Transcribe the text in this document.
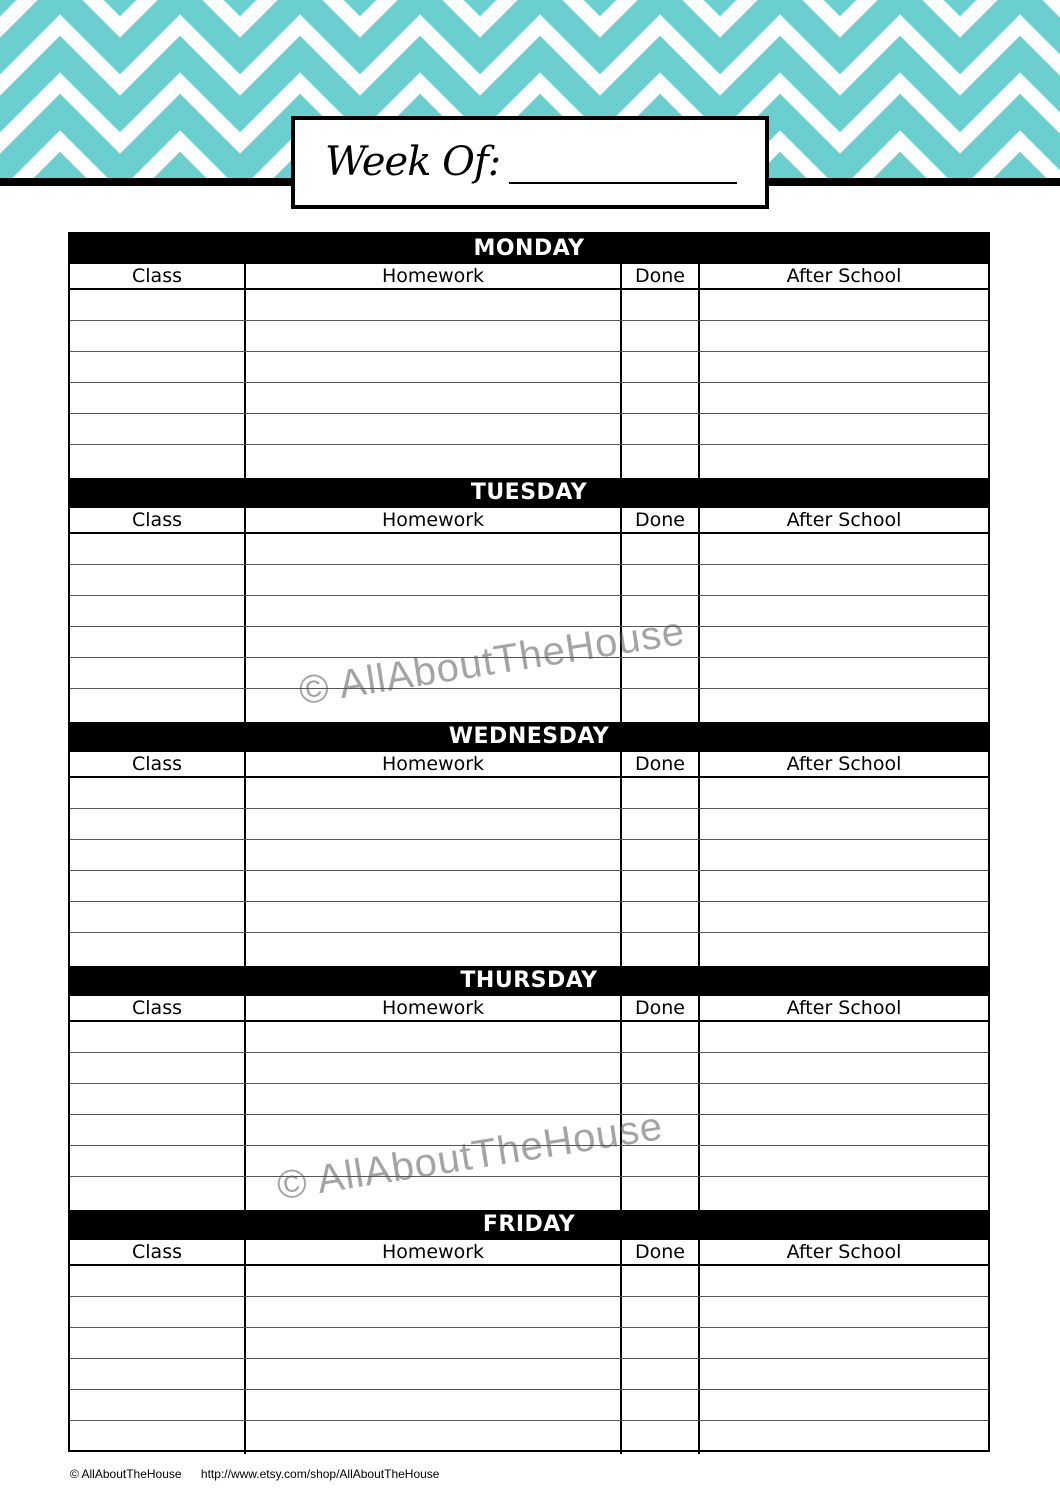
Week Of:
MONDAY
Class	Homework	Done	After School
TUESDAY
Class	Homework	Done	After School
WEDNESDAY
Class	Homework	Done	After School
THURSDAY
Class	Homework	Done	After School
FRIDAY
Class	Homework	Done	After School
© AllAboutTheHouse
© AllAboutTheHouse
© AllAboutTheHouse http://www.etsy.com/shop/AllAboutTheHouse
